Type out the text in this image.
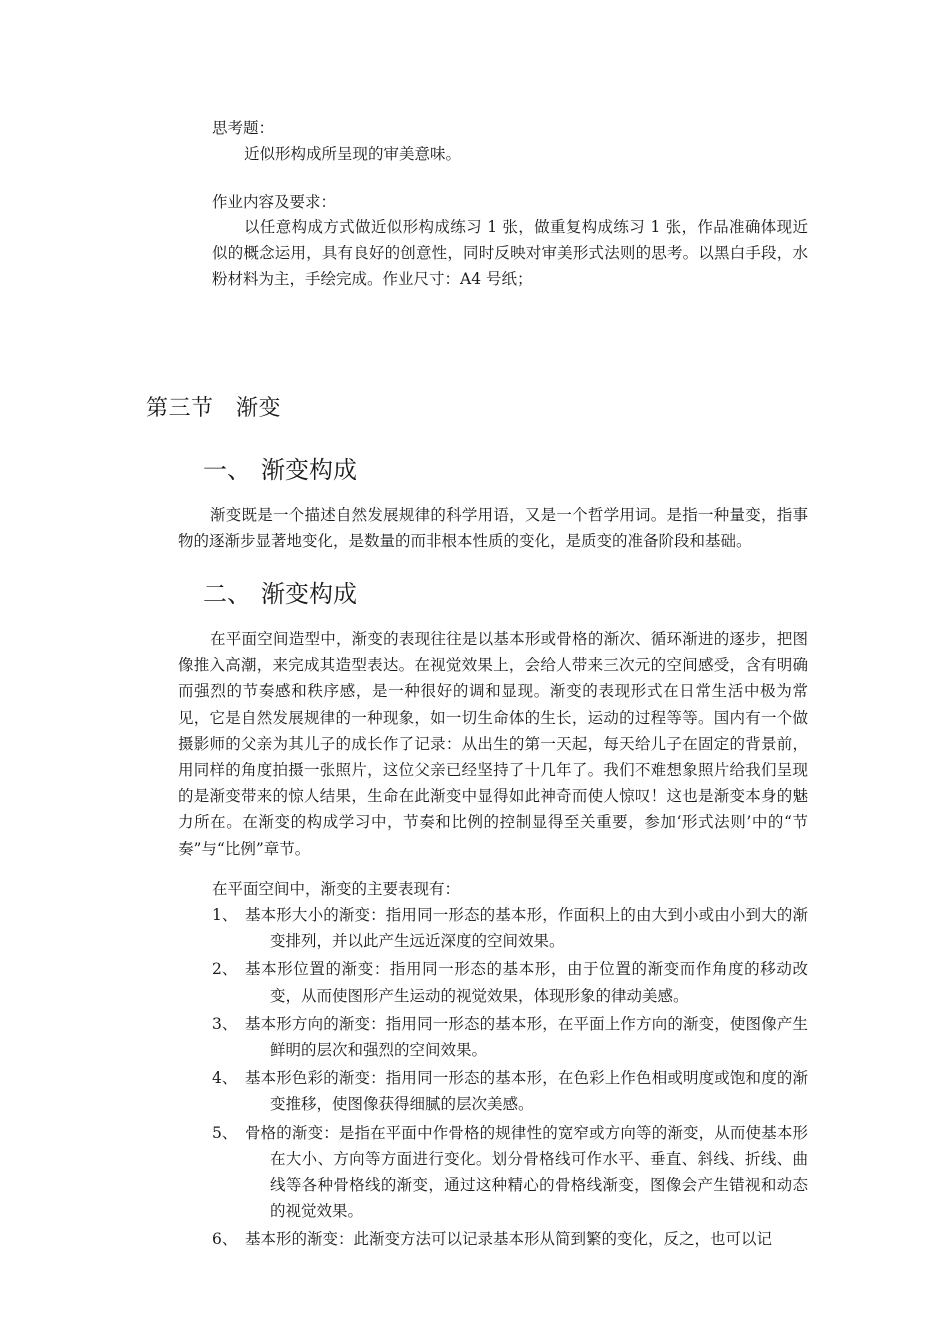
思考题：
近似形构成所呈现的审美意味。
作业内容及要求：
以任意构成方式做近似形构成练习 1 张，做重复构成练习 1 张，作品准确体现近似的概念运用，具有良好的创意性，同时反映对审美形式法则的思考。以黑白手段，水粉材料为主，手绘完成。作业尺寸：A4 号纸；
第三节　渐变
一、 渐变构成
渐变既是一个描述自然发展规律的科学用语，又是一个哲学用词。是指一种量变，指事物的逐渐步显著地变化，是数量的而非根本性质的变化，是质变的准备阶段和基础。
二、 渐变构成
在平面空间造型中，渐变的表现往往是以基本形或骨格的渐次、循环渐进的逐步，把图像推入高潮，来完成其造型表达。在视觉效果上，会给人带来三次元的空间感受，含有明确而强烈的节奏感和秩序感，是一种很好的调和显现。渐变的表现形式在日常生活中极为常见，它是自然发展规律的一种现象，如一切生命体的生长，运动的过程等等。国内有一个做摄影师的父亲为其儿子的成长作了记录：从出生的第一天起，每天给儿子在固定的背景前，用同样的角度拍摄一张照片，这位父亲已经坚持了十几年了。我们不难想象照片给我们呈现的是渐变带来的惊人结果，生命在此渐变中显得如此神奇而使人惊叹！这也是渐变本身的魅力所在。在渐变的构成学习中，节奏和比例的控制显得至关重要，参加‘形式法则’中的“节奏”与“比例”章节。
在平面空间中，渐变的主要表现有：
1、 基本形大小的渐变：指用同一形态的基本形，作面积上的由大到小或由小到大的渐变排列，并以此产生远近深度的空间效果。
2、 基本形位置的渐变：指用同一形态的基本形，由于位置的渐变而作角度的移动改变，从而使图形产生运动的视觉效果，体现形象的律动美感。
3、 基本形方向的渐变：指用同一形态的基本形，在平面上作方向的渐变，使图像产生鲜明的层次和强烈的空间效果。
4、 基本形色彩的渐变：指用同一形态的基本形，在色彩上作色相或明度或饱和度的渐变推移，使图像获得细腻的层次美感。
5、 骨格的渐变：是指在平面中作骨格的规律性的宽窄或方向等的渐变，从而使基本形在大小、方向等方面进行变化。划分骨格线可作水平、垂直、斜线、折线、曲线等各种骨格线的渐变，通过这种精心的骨格线渐变，图像会产生错视和动态的视觉效果。
6、 基本形的渐变：此渐变方法可以记录基本形从简到繁的变化，反之，也可以记
